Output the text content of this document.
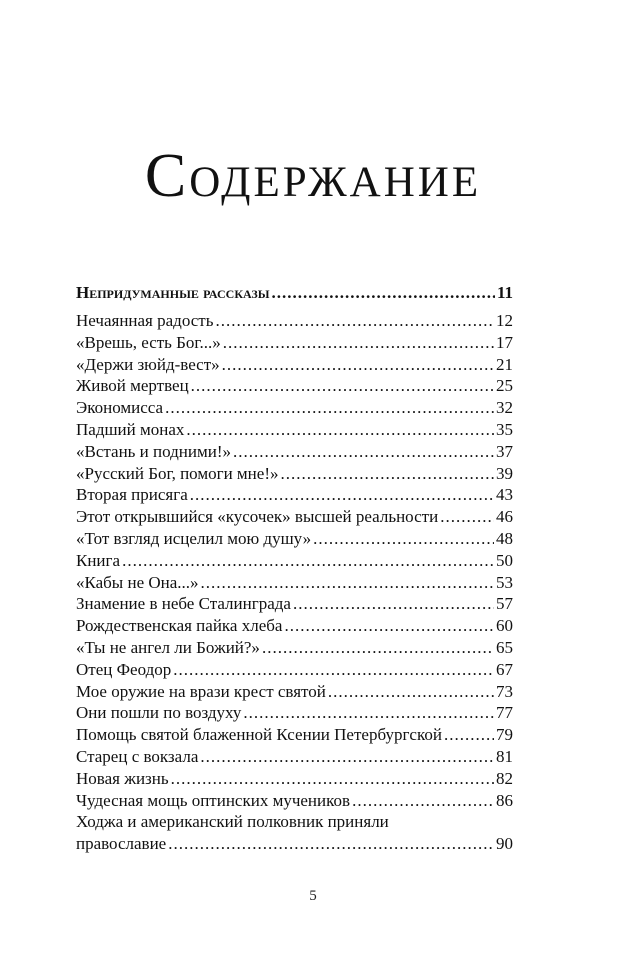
Содержание
Непридуманные рассказы .....	11
Нечаянная радость .....	12
«Врешь, есть Бог...» .....	17
«Держи зюйд-вест» .....	21
Живой мертвец .....	25
Экономисса .....	32
Падший монах .....	35
«Встань и подними!» .....	37
«Русский Бог, помоги мне!» .....	39
Вторая присяга .....	43
Этот открывшийся «кусочек» высшей реальности .....	46
«Тот взгляд исцелил мою душу» .....	48
Книга .....	50
«Кабы не Она...» .....	53
Знамение в небе Сталинграда .....	57
Рождественская пайка хлеба .....	60
«Ты не ангел ли Божий?» .....	65
Отец Феодор .....	67
Мое оружие на врази крест святой .....	73
Они пошли по воздуху .....	77
Помощь святой блаженной Ксении Петербургской .....	79
Старец с вокзала .....	81
Новая жизнь .....	82
Чудесная мощь оптинских мучеников .....	86
Ходжа и американский полковник приняли
православие .....	90
5
